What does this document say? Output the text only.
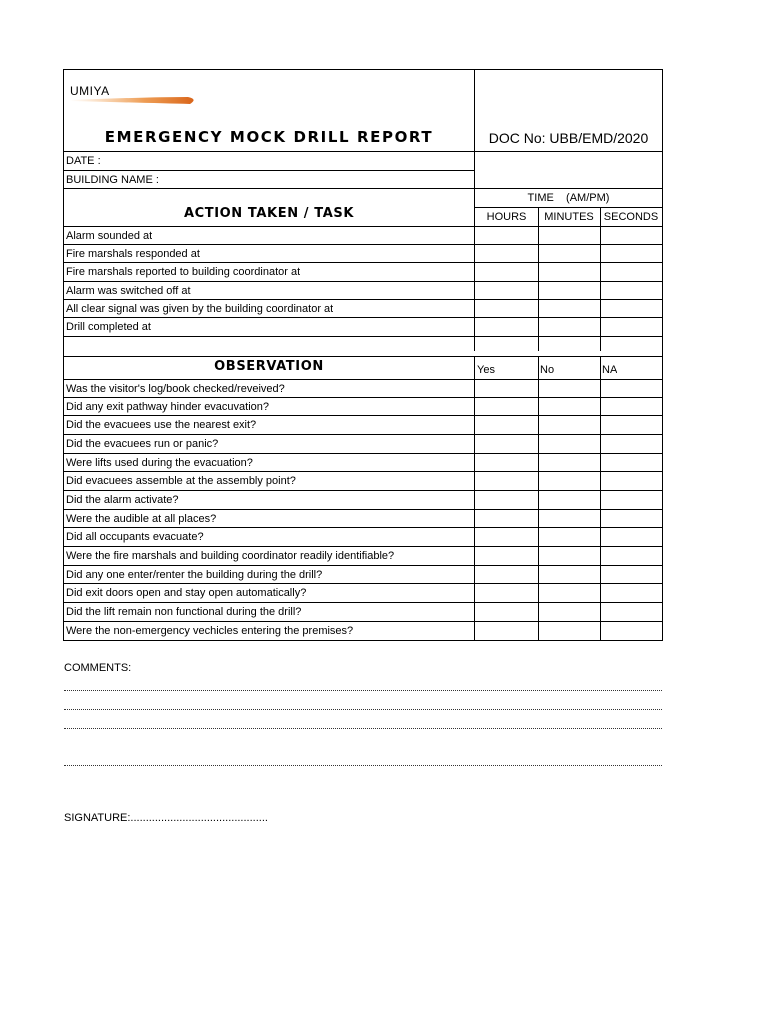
UMIYA
EMERGENCY MOCK DRILL REPORT	DOC No: UBB/EMD/2020
DATE :
BUILDING NAME :
TIME    (AM/PM)
HOURS	MINUTES SECONDS
ACTION TAKEN / TASK
Alarm sounded at
Fire marshals responded at
Fire marshals reported to building coordinator at
Alarm was switched off at
All clear signal was given by the building coordinator at
Drill completed at
OBSERVATION	Yes	No	NA
Was the visitor's log/book checked/reveived?
Did any exit pathway hinder evacuvation?
Did the evacuees use the nearest exit?
Did the evacuees run or panic?
Were lifts used during the evacuation?
Did evacuees assemble at the assembly point?
Did the alarm activate?
Were the audible at all places?
Did all occupants evacuate?
Were the fire marshals and building coordinator readily identifiable?
Did any one enter/renter the building during the drill?
Did exit doors open and stay open automatically?
Did the lift remain non functional during the drill?
Were the non-emergency vechicles entering the premises?
COMMENTS:
SIGNATURE:.............................................
